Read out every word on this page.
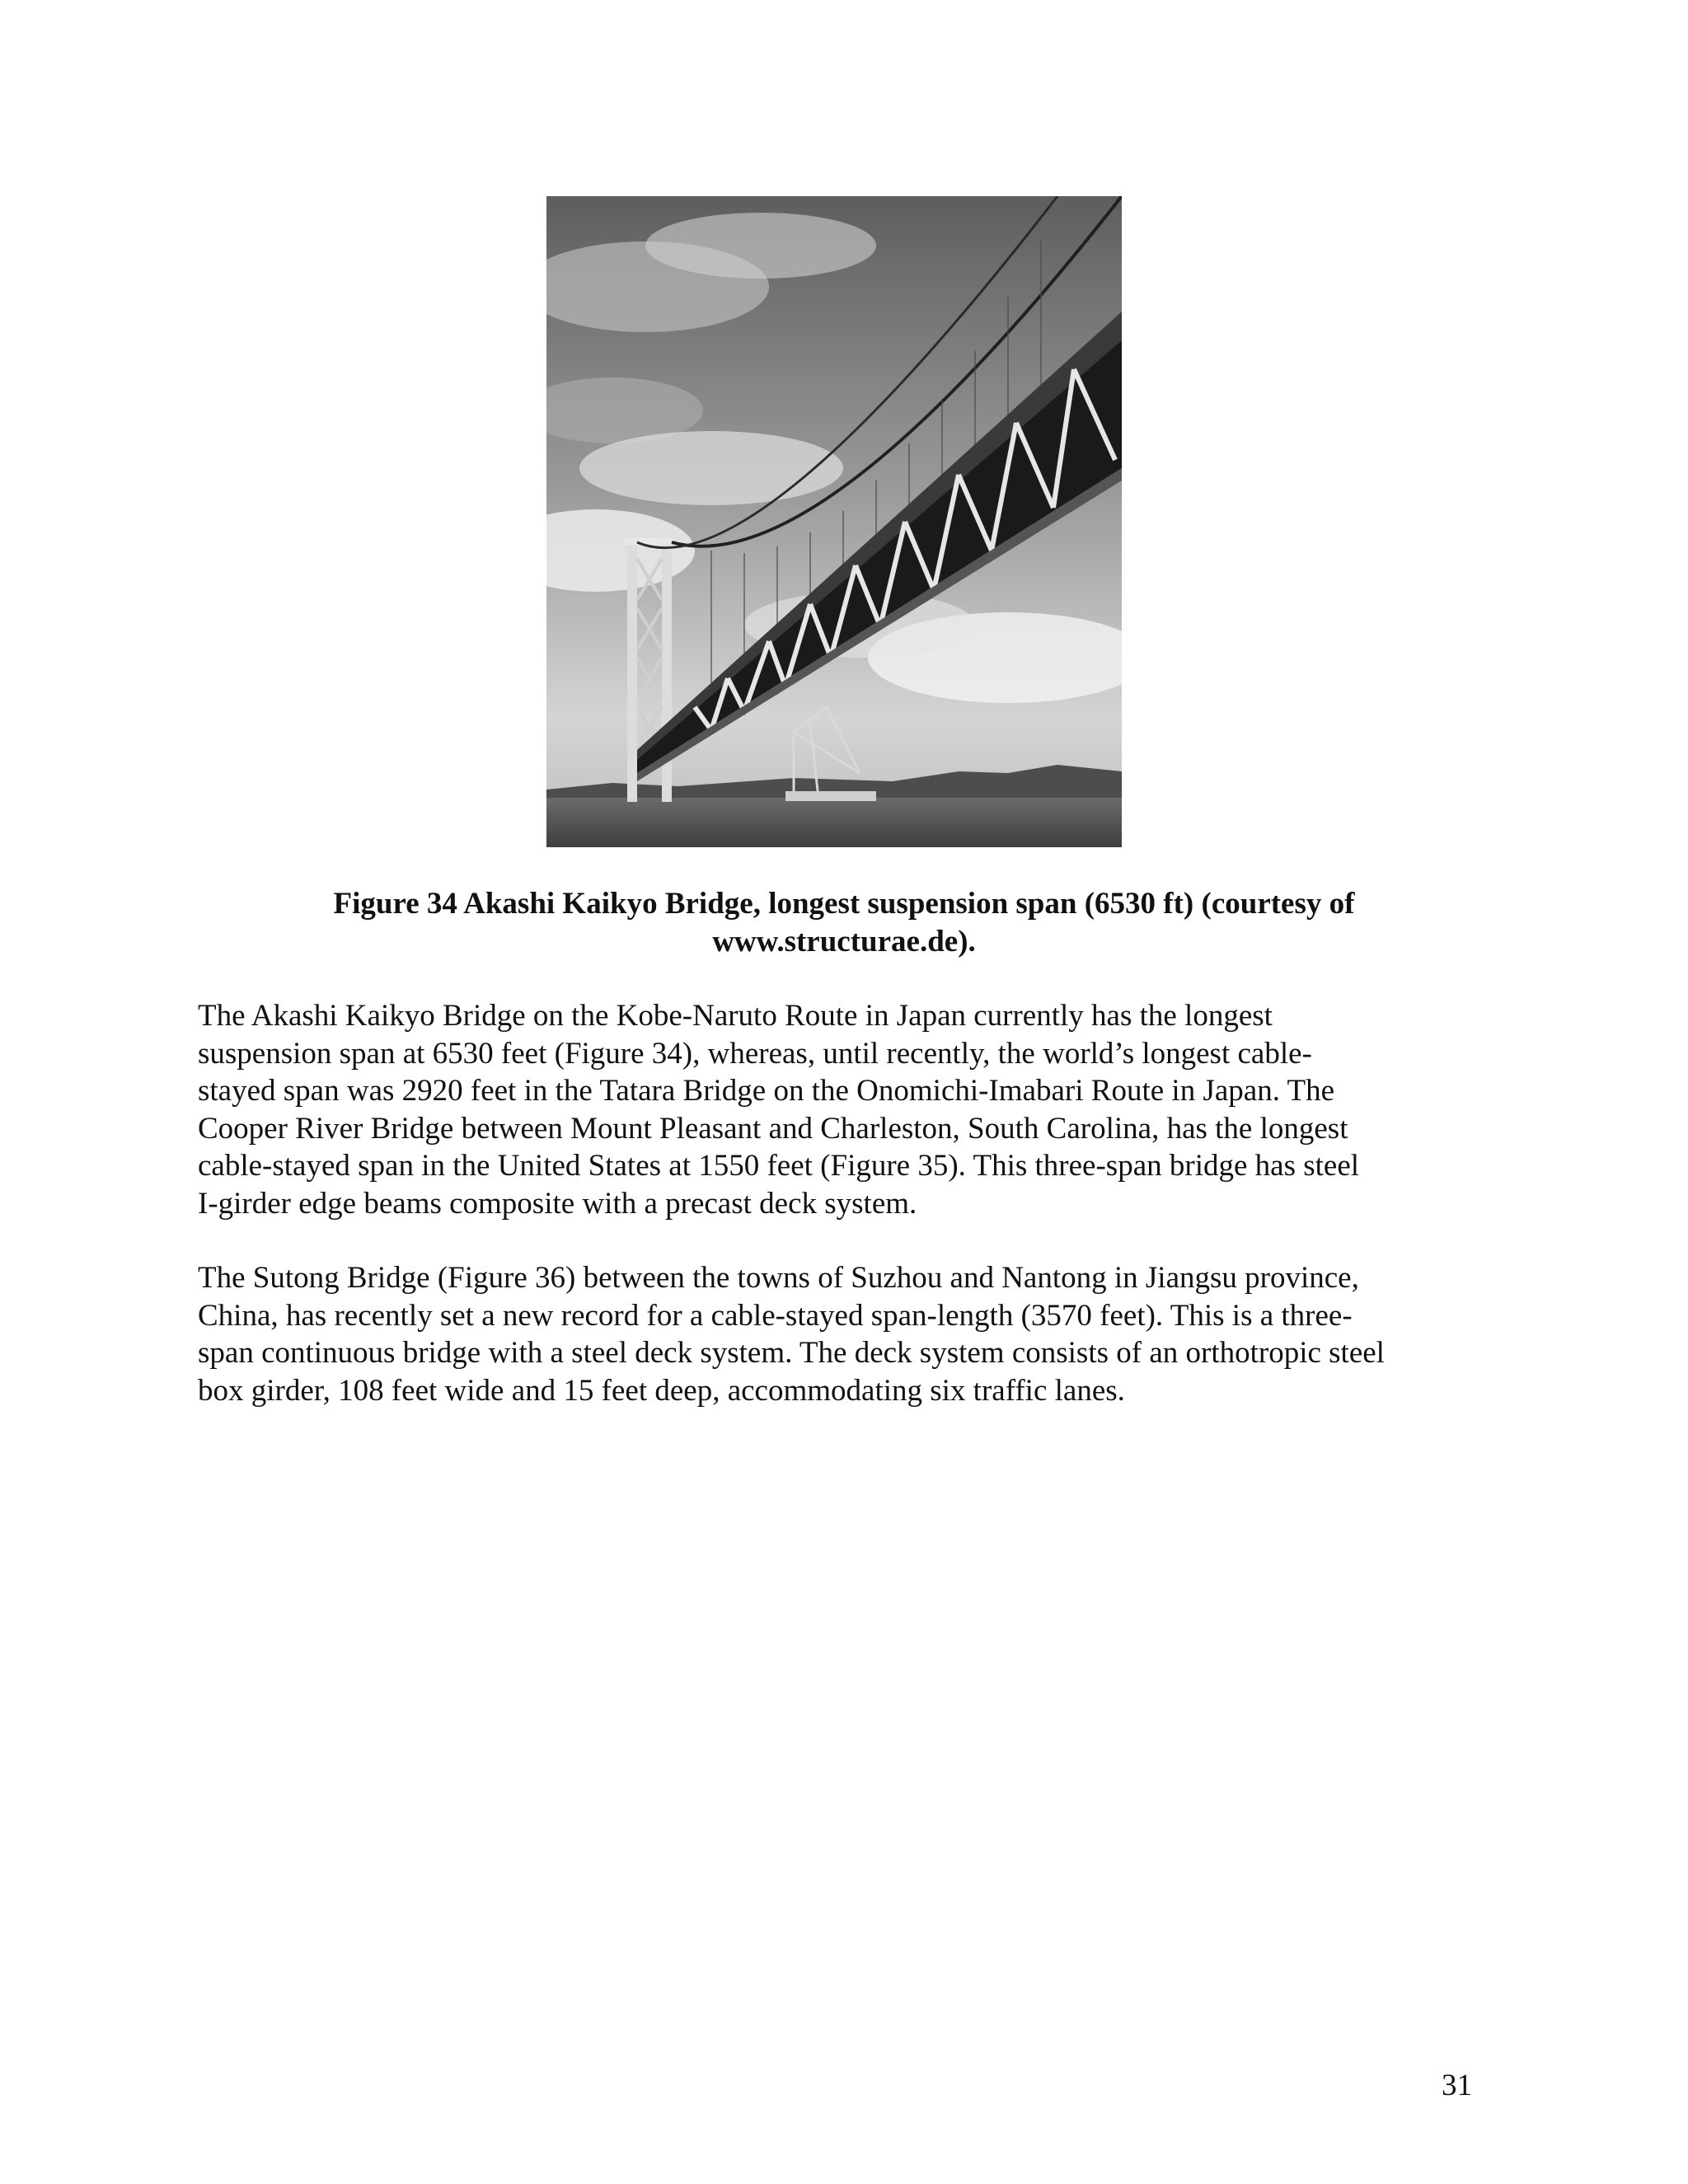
Figure 34 Akashi Kaikyo Bridge, longest suspension span (6530 ft) (courtesy of
www.structurae.de).
The Akashi Kaikyo Bridge on the Kobe-Naruto Route in Japan currently has the longest
suspension span at 6530 feet (Figure 34), whereas, until recently, the world’s longest cable-
stayed span was 2920 feet in the Tatara Bridge on the Onomichi-Imabari Route in Japan. The
Cooper River Bridge between Mount Pleasant and Charleston, South Carolina, has the longest
cable-stayed span in the United States at 1550 feet (Figure 35). This three-span bridge has steel
I-girder edge beams composite with a precast deck system.
The Sutong Bridge (Figure 36) between the towns of Suzhou and Nantong in Jiangsu province,
China, has recently set a new record for a cable-stayed span-length (3570 feet). This is a three-
span continuous bridge with a steel deck system. The deck system consists of an orthotropic steel
box girder, 108 feet wide and 15 feet deep, accommodating six traffic lanes.
31
